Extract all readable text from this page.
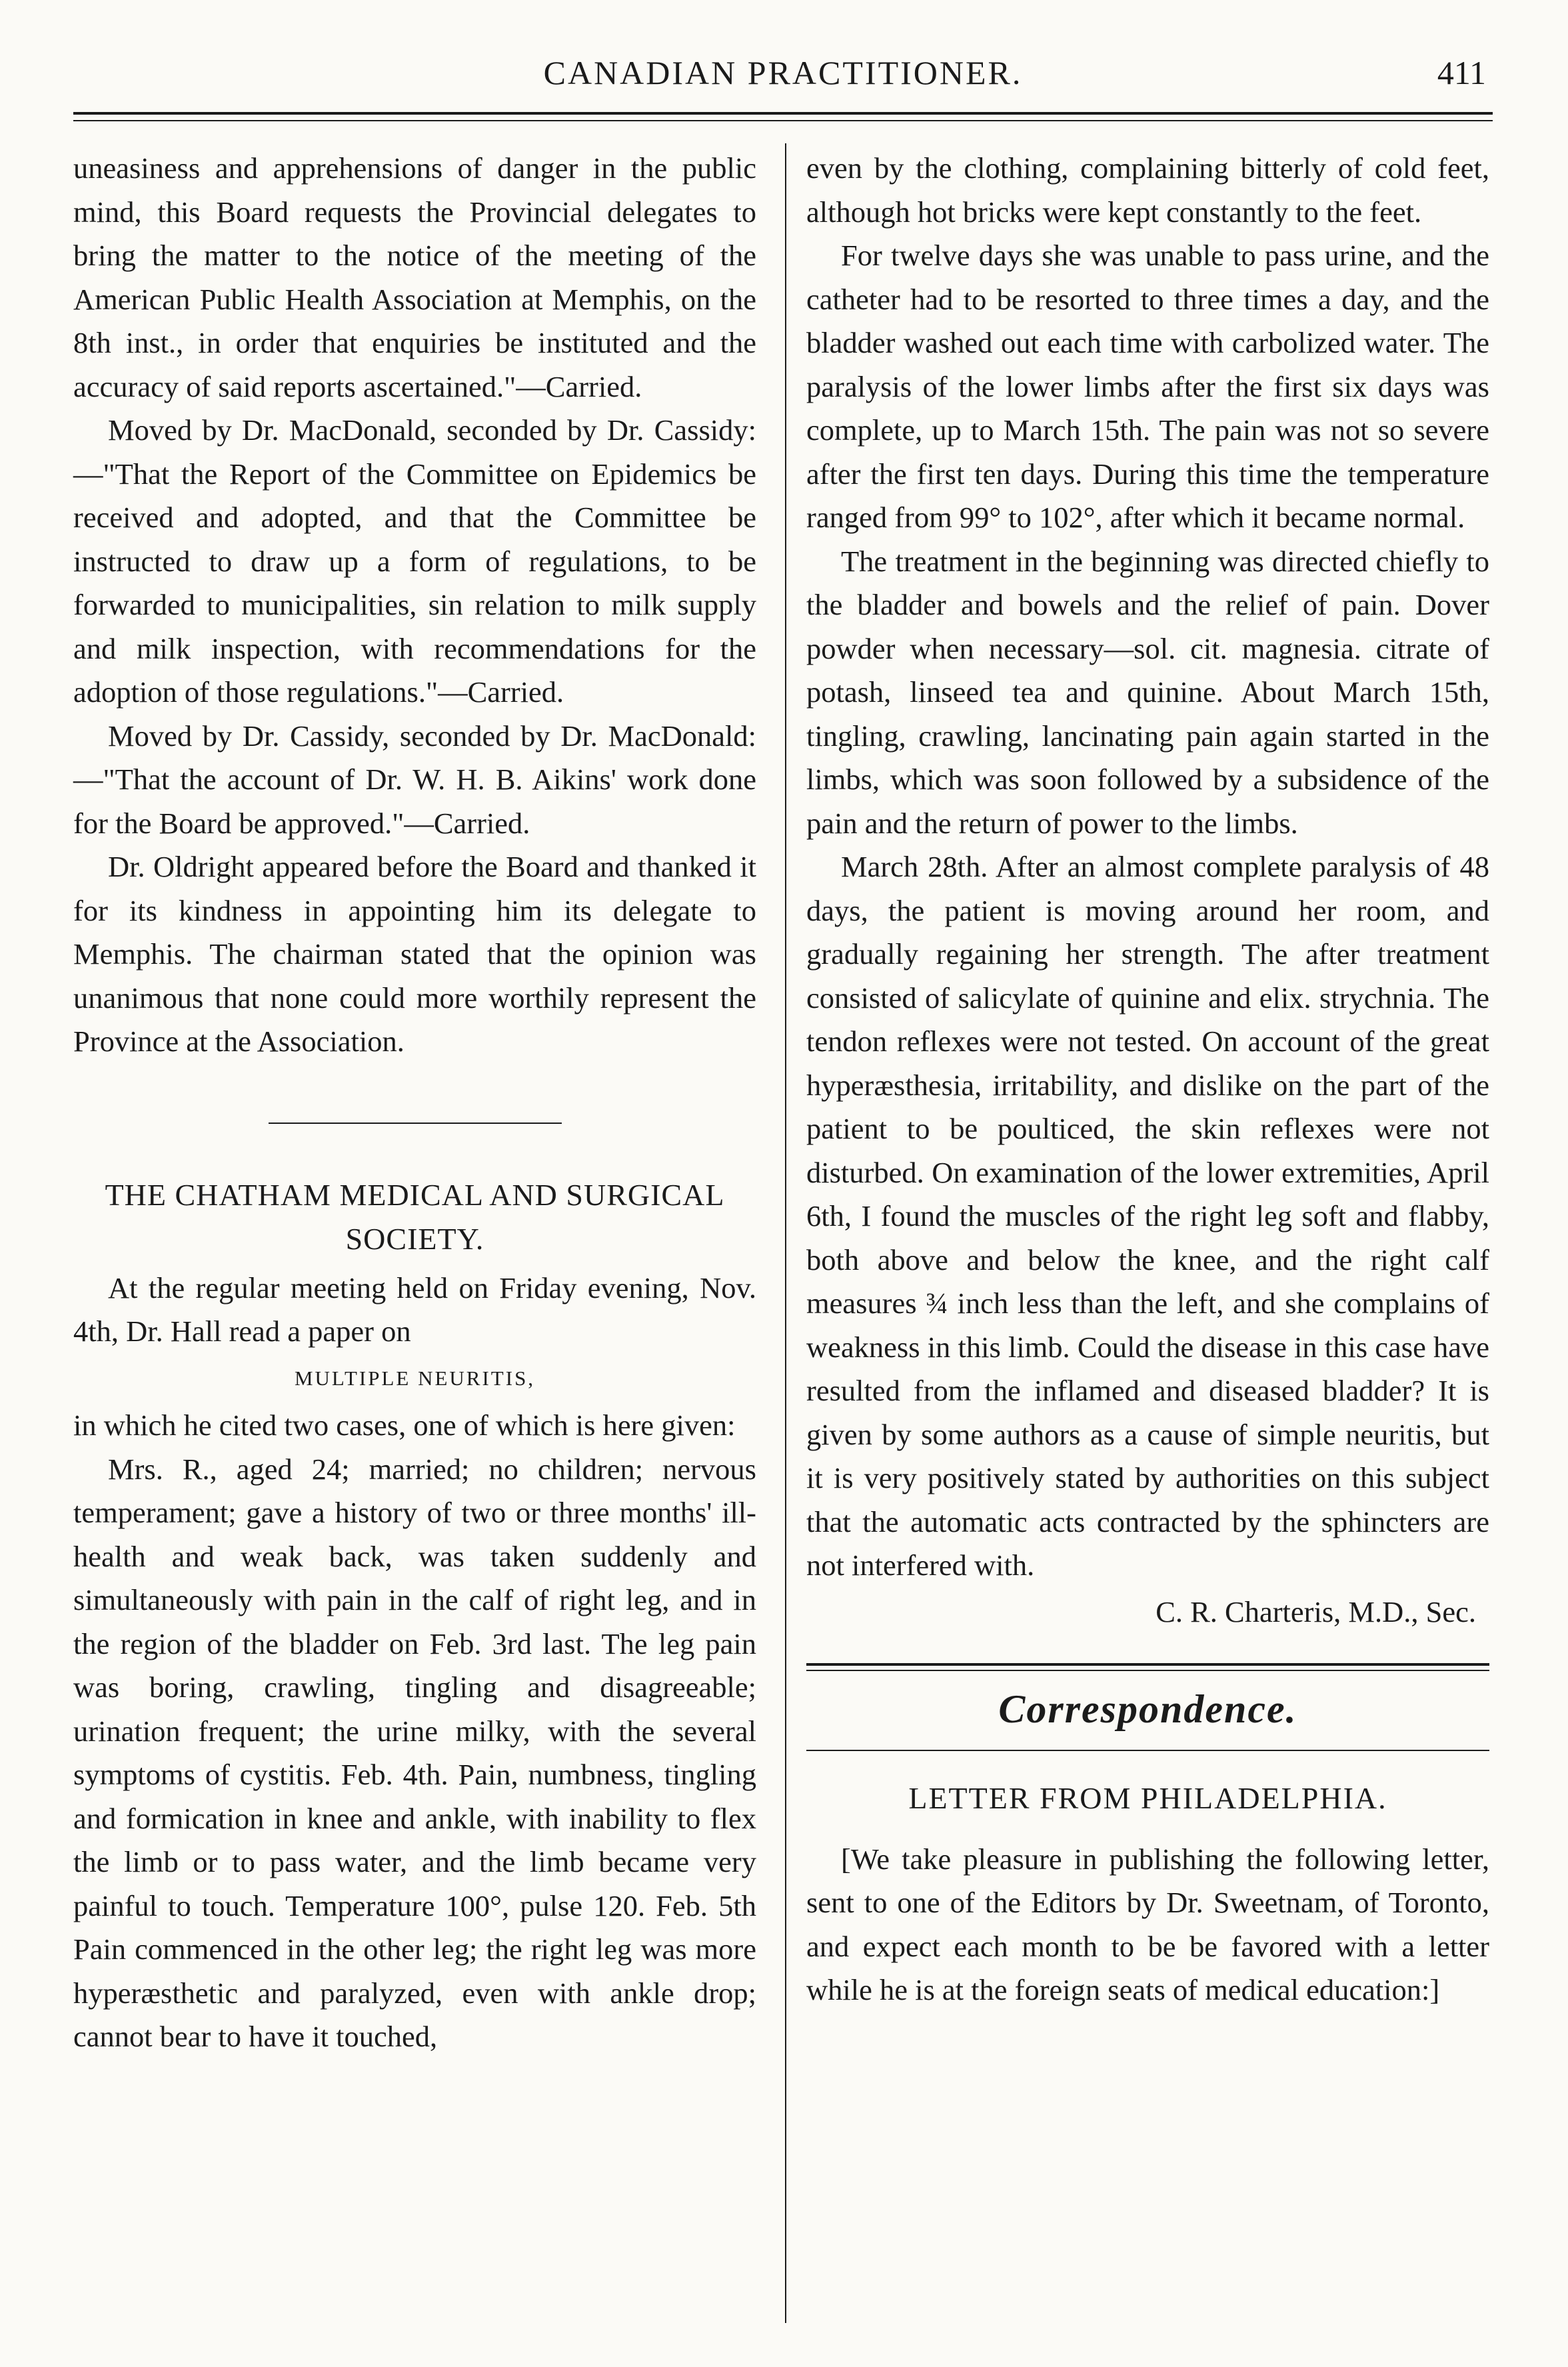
CANADIAN PRACTITIONER.	411

uneasiness and apprehensions of danger in the public mind, this Board requests the Provincial delegates to bring the matter to the notice of the meeting of the American Public Health Association at Memphis, on the 8th inst., in order that enquiries be instituted and the accuracy of said reports ascertained."—Carried.

Moved by Dr. MacDonald, seconded by Dr. Cassidy:—"That the Report of the Committee on Epidemics be received and adopted, and that the Committee be instructed to draw up a form of regulations, to be forwarded to municipalities, sin relation to milk supply and milk inspection, with recommendations for the adoption of those regulations."—Carried.

Moved by Dr. Cassidy, seconded by Dr. MacDonald:—"That the account of Dr. W. H. B. Aikins' work done for the Board be approved."—Carried.

Dr. Oldright appeared before the Board and thanked it for its kindness in appointing him its delegate to Memphis. The chairman stated that the opinion was unanimous that none could more worthily represent the Province at the Association.

THE CHATHAM MEDICAL AND SURGICAL SOCIETY.

At the regular meeting held on Friday evening, Nov. 4th, Dr. Hall read a paper on

MULTIPLE NEURITIS,

in which he cited two cases, one of which is here given:

Mrs. R., aged 24; married; no children; nervous temperament; gave a history of two or three months' ill-health and weak back, was taken suddenly and simultaneously with pain in the calf of right leg, and in the region of the bladder on Feb. 3rd last. The leg pain was boring, crawling, tingling and disagreeable; urination frequent; the urine milky, with the several symptoms of cystitis. Feb. 4th. Pain, numbness, tingling and formication in knee and ankle, with inability to flex the limb or to pass water, and the limb became very painful to touch. Temperature 100°, pulse 120. Feb. 5th Pain commenced in the other leg; the right leg was more hyperæsthetic and paralyzed, even with ankle drop; cannot bear to have it touched,

even by the clothing, complaining bitterly of cold feet, although hot bricks were kept constantly to the feet.

For twelve days she was unable to pass urine, and the catheter had to be resorted to three times a day, and the bladder washed out each time with carbolized water. The paralysis of the lower limbs after the first six days was complete, up to March 15th. The pain was not so severe after the first ten days. During this time the temperature ranged from 99° to 102°, after which it became normal.

The treatment in the beginning was directed chiefly to the bladder and bowels and the relief of pain. Dover powder when necessary—sol. cit. magnesia. citrate of potash, linseed tea and quinine. About March 15th, tingling, crawling, lancinating pain again started in the limbs, which was soon followed by a subsidence of the pain and the return of power to the limbs.

March 28th. After an almost complete paralysis of 48 days, the patient is moving around her room, and gradually regaining her strength. The after treatment consisted of salicylate of quinine and elix. strychnia. The tendon reflexes were not tested. On account of the great hyperæsthesia, irritability, and dislike on the part of the patient to be poulticed, the skin reflexes were not disturbed. On examination of the lower extremities, April 6th, I found the muscles of the right leg soft and flabby, both above and below the knee, and the right calf measures ¾ inch less than the left, and she complains of weakness in this limb. Could the disease in this case have resulted from the inflamed and diseased bladder? It is given by some authors as a cause of simple neuritis, but it is very positively stated by authorities on this subject that the automatic acts contracted by the sphincters are not interfered with.

C. R. Charteris, M.D., Sec.
Correspondence.
LETTER FROM PHILADELPHIA.

[We take pleasure in publishing the following letter, sent to one of the Editors by Dr. Sweetnam, of Toronto, and expect each month to be be favored with a letter while he is at the foreign seats of medical education:]
